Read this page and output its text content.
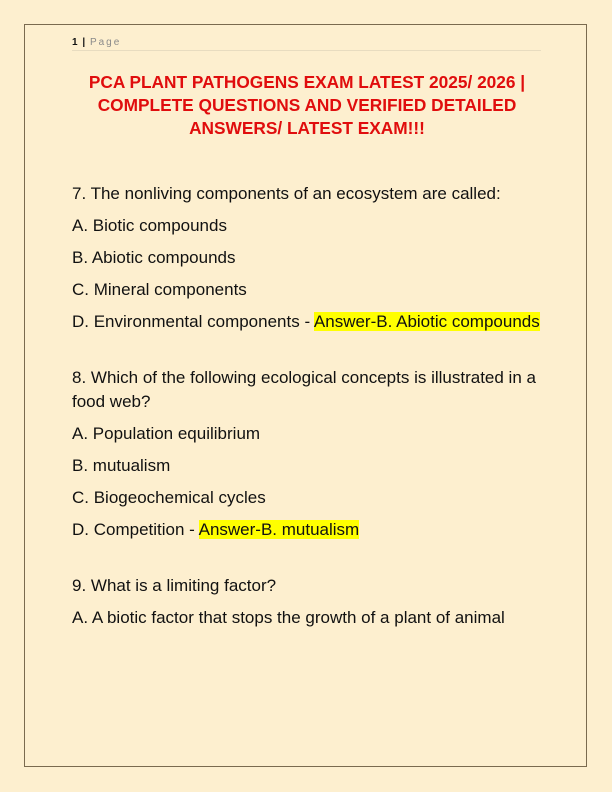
1 | Page
PCA PLANT PATHOGENS EXAM LATEST 2025/ 2026 | COMPLETE QUESTIONS AND VERIFIED DETAILED ANSWERS/ LATEST EXAM!!!

7. The nonliving components of an ecosystem are called:

A. Biotic compounds

B. Abiotic compounds

C. Mineral components

D. Environmental components - Answer-B. Abiotic compounds

8. Which of the following ecological concepts is illustrated in a food web?

A. Population equilibrium

B. mutualism

C. Biogeochemical cycles

D. Competition - Answer-B. mutualism

9. What is a limiting factor?

A. A biotic factor that stops the growth of a plant of animal
